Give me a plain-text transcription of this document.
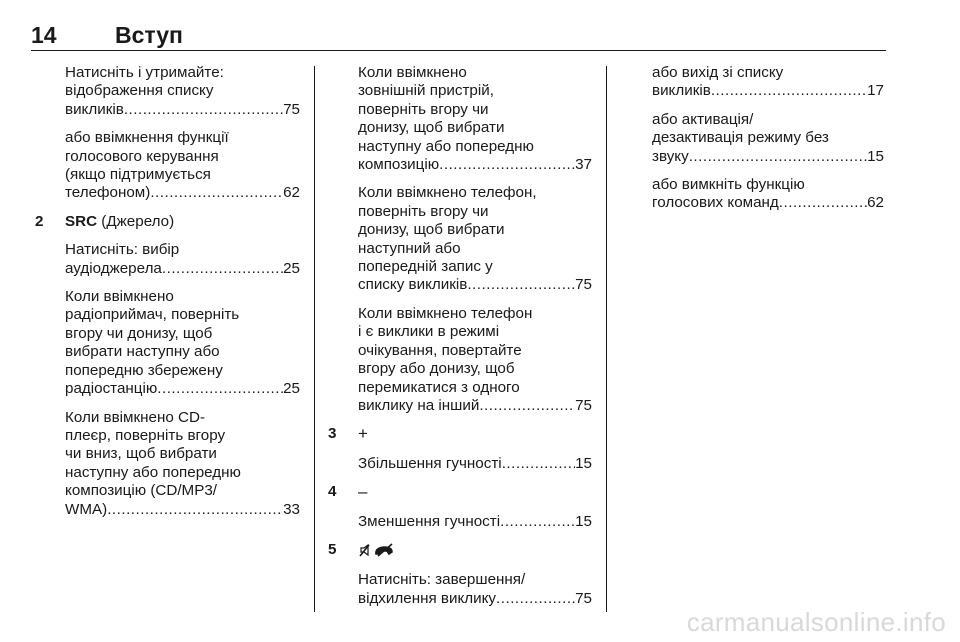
14	Вступ

Натисніть і утримайте:
відображення списку
викликів .....	75

або ввімкнення функції
голосового керування
(якщо підтримується
телефоном) .....	62

2 SRC (Джерело)

Натисніть: вибір
аудіоджерела .....	25

Коли ввімкнено
радіоприймач, поверніть
вгору чи донизу, щоб
вибрати наступну або
попередню збережену
радіостанцію .....	25

Коли ввімкнено CD-
плеєр, поверніть вгору
чи вниз, щоб вибрати
наступну або попередню
композицію (CD/MP3/
WMA) .....	33

Коли ввімкнено
зовнішній пристрій,
поверніть вгору чи
донизу, щоб вибрати
наступну або попередню
композицію .....	37

Коли ввімкнено телефон,
поверніть вгору чи
донизу, щоб вибрати
наступний або
попередній запис у
списку викликів .....	75

Коли ввімкнено телефон
і є виклики в режимі
очікування, повертайте
вгору або донизу, щоб
перемикатися з одного
виклику на інший .....	75

3 +

Збільшення гучності .....	15

4 –

Зменшення гучності .....	15

5

Натисніть: завершення/
відхилення виклику .....	75

або вихід зі списку
викликів .....	17

або активація/
дезактивація режиму без
звуку .....	15

або вимкніть функцію
голосових команд .....	62

carmanualsonline.info
